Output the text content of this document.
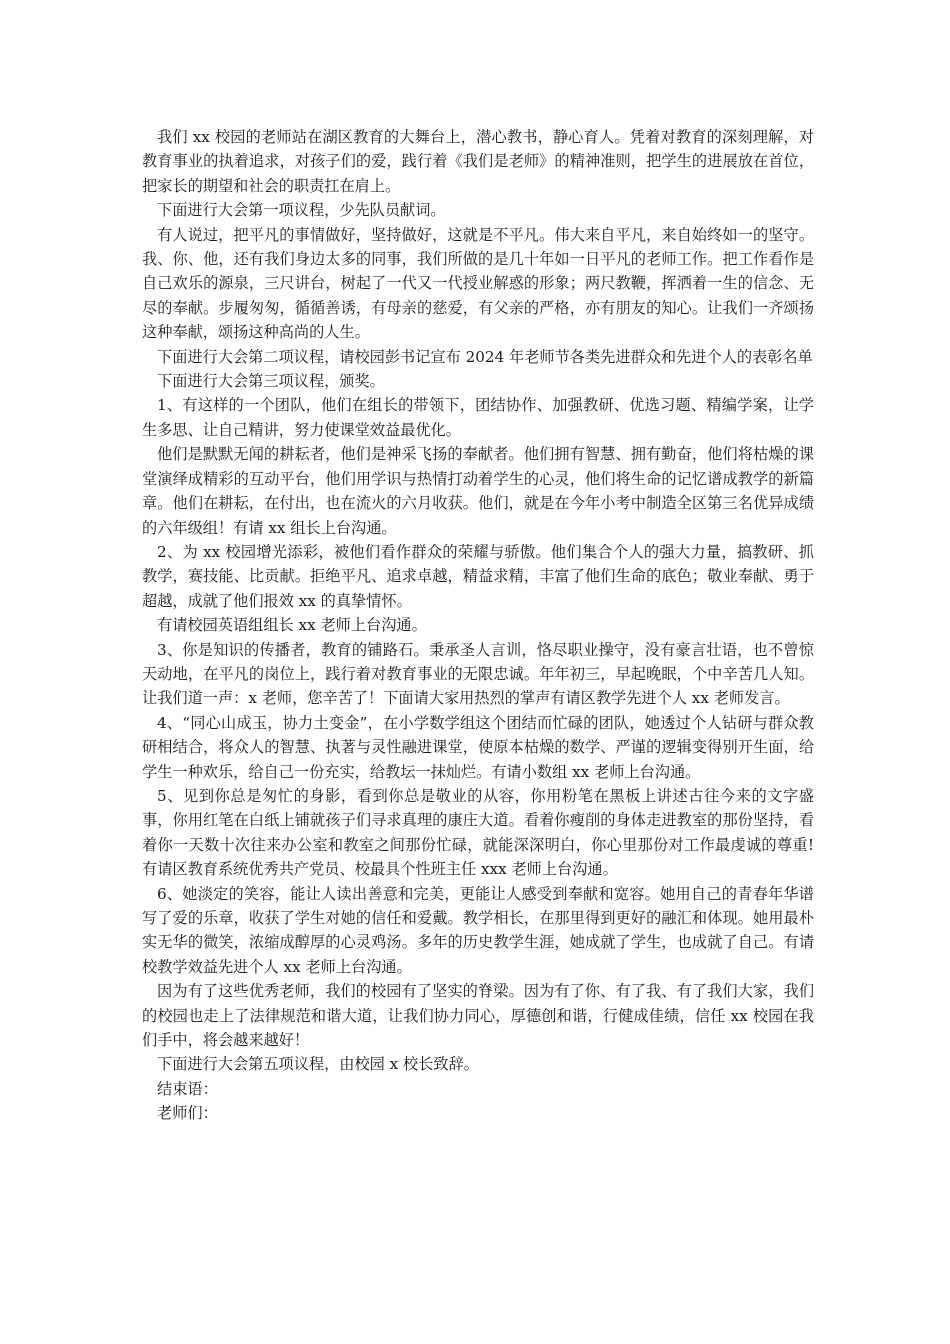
我们 xx 校园的老师站在湖区教育的大舞台上，潜心教书，静心育人。凭着对教育的深刻理解，对教育事业的执着追求，对孩子们的爱，践行着《我们是老师》的精神准则，把学生的进展放在首位，把家长的期望和社会的职责扛在肩上。

下面进行大会第一项议程，少先队员献词。

有人说过，把平凡的事情做好，坚持做好，这就是不平凡。伟大来自平凡，来自始终如一的坚守。我、你、他，还有我们身边太多的同事，我们所做的是几十年如一日平凡的老师工作。把工作看作是自己欢乐的源泉，三尺讲台，树起了一代又一代授业解惑的形象；两尺教鞭，挥洒着一生的信念、无尽的奉献。步履匆匆，循循善诱，有母亲的慈爱，有父亲的严格，亦有朋友的知心。让我们一齐颂扬这种奉献，颂扬这种高尚的人生。

下面进行大会第二项议程，请校园彭书记宣布 2024 年老师节各类先进群众和先进个人的表彰名单

下面进行大会第三项议程，颁奖。

1、有这样的一个团队，他们在组长的带领下，团结协作、加强教研、优选习题、精编学案，让学生多思、让自己精讲，努力使课堂效益最优化。

他们是默默无闻的耕耘者，他们是神采飞扬的奉献者。他们拥有智慧、拥有勤奋，他们将枯燥的课堂演绎成精彩的互动平台，他们用学识与热情打动着学生的心灵，他们将生命的记忆谱成教学的新篇章。他们在耕耘，在付出，也在流火的六月收获。他们，就是在今年小考中制造全区第三名优异成绩的六年级组！有请 xx 组长上台沟通。

2、为 xx 校园增光添彩，被他们看作群众的荣耀与骄傲。他们集合个人的强大力量，搞教研、抓教学，赛技能、比贡献。拒绝平凡、追求卓越，精益求精，丰富了他们生命的底色；敬业奉献、勇于超越，成就了他们报效 xx 的真挚情怀。

有请校园英语组组长 xx 老师上台沟通。

3、你是知识的传播者，教育的铺路石。秉承圣人言训，恪尽职业操守，没有豪言壮语，也不曾惊天动地，在平凡的岗位上，践行着对教育事业的无限忠诚。年年初三，早起晚眠，个中辛苦几人知。让我们道一声：x 老师，您辛苦了！下面请大家用热烈的掌声有请区教学先进个人 xx 老师发言。

4、“同心山成玉，协力土变金”，在小学数学组这个团结而忙碌的团队，她透过个人钻研与群众教研相结合，将众人的智慧、执著与灵性融进课堂，使原本枯燥的数学、严谨的逻辑变得别开生面，给学生一种欢乐，给自己一份充实，给教坛一抹灿烂。有请小数组 xx 老师上台沟通。

5、见到你总是匆忙的身影，看到你总是敬业的从容，你用粉笔在黑板上讲述古往今来的文字盛事，你用红笔在白纸上铺就孩子们寻求真理的康庄大道。看着你瘦削的身体走进教室的那份坚持，看着你一天数十次往来办公室和教室之间那份忙碌，就能深深明白，你心里那份对工作最虔诚的尊重!有请区教育系统优秀共产党员、校最具个性班主任 xxx 老师上台沟通。

6、她淡定的笑容，能让人读出善意和完美，更能让人感受到奉献和宽容。她用自己的青春年华谱写了爱的乐章，收获了学生对她的信任和爱戴。教学相长，在那里得到更好的融汇和体现。她用最朴实无华的微笑，浓缩成醇厚的心灵鸡汤。多年的历史教学生涯，她成就了学生，也成就了自己。有请校教学效益先进个人 xx 老师上台沟通。

因为有了这些优秀老师，我们的校园有了坚实的脊梁。因为有了你、有了我、有了我们大家，我们的校园也走上了法律规范和谐大道，让我们协力同心，厚德创和谐，行健成佳绩，信任 xx 校园在我们手中，将会越来越好！

下面进行大会第五项议程，由校园 x 校长致辞。

结束语：

老师们：
